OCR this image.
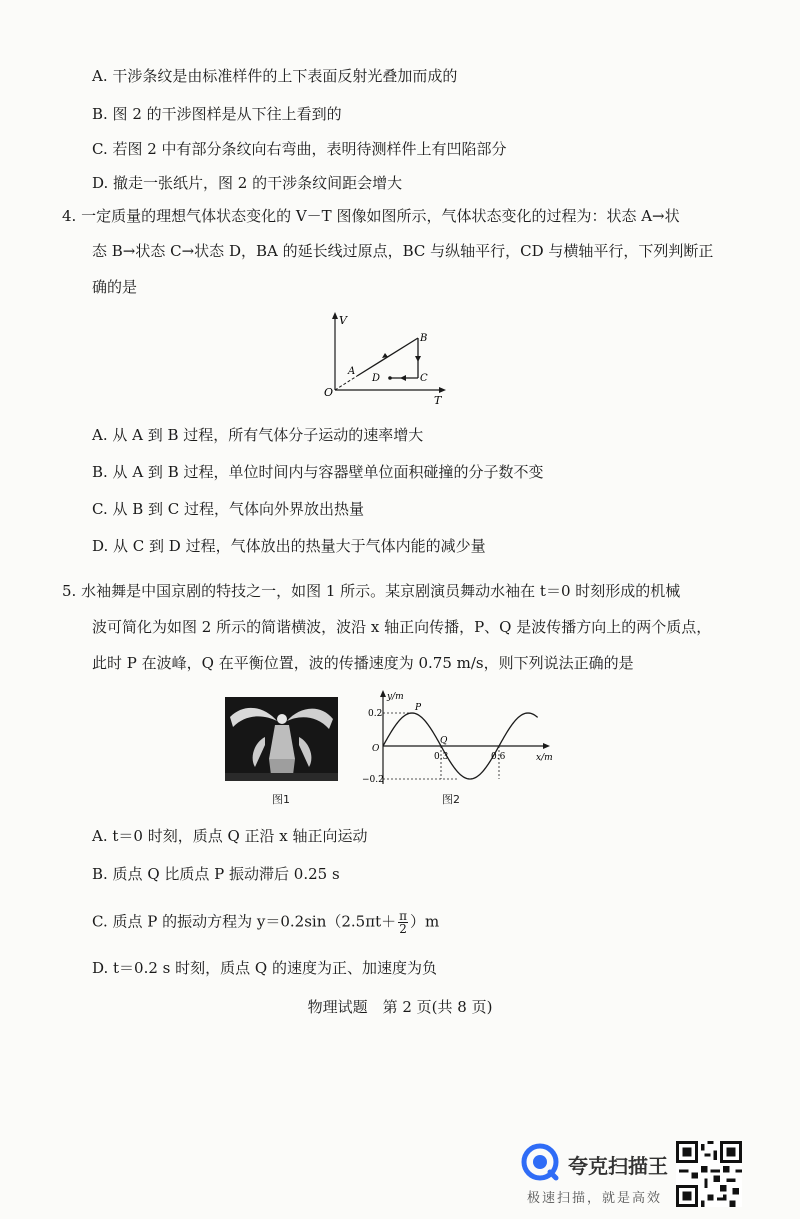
A. 干涉条纹是由标准样件的上下表面反射光叠加而成的
B. 图 2 的干涉图样是从下往上看到的
C. 若图 2 中有部分条纹向右弯曲，表明待测样件上有凹陷部分
D. 撤走一张纸片，图 2 的干涉条纹间距会增大
4. 一定质量的理想气体状态变化的 V－T 图像如图所示，气体状态变化的过程为：状态 A→状
态 B→状态 C→状态 D，BA 的延长线过原点，BC 与纵轴平行，CD 与横轴平行，下列判断正
确的是
V
T
O
A
B
C
D
A. 从 A 到 B 过程，所有气体分子运动的速率增大
B. 从 A 到 B 过程，单位时间内与容器壁单位面积碰撞的分子数不变
C. 从 B 到 C 过程，气体向外界放出热量
D. 从 C 到 D 过程，气体放出的热量大于气体内能的减少量
5. 水袖舞是中国京剧的特技之一，如图 1 所示。某京剧演员舞动水袖在 t＝0 时刻形成的机械
波可简化为如图 2 所示的简谐横波，波沿 x 轴正向传播，P、Q 是波传播方向上的两个质点，
此时 P 在波峰，Q 在平衡位置，波的传播速度为 0.75 m/s，则下列说法正确的是
图1
y/m
x/m
0.2
−0.2
O
0.3	0.6
P
Q
图2
A. t＝0 时刻，质点 Q 正沿 x 轴正向运动
B. 质点 Q 比质点 P 振动滞后 0.25 s
C. 质点 P 的振动方程为 $y=0.2\sin(2.5\pi t+ \frac{\pi}{2} )m$
D. t＝0.2 s 时刻，质点 Q 的速度为正、加速度为负
物理试题　第 2 页(共 8 页)
夸克扫描王
极速扫描，就是高效
